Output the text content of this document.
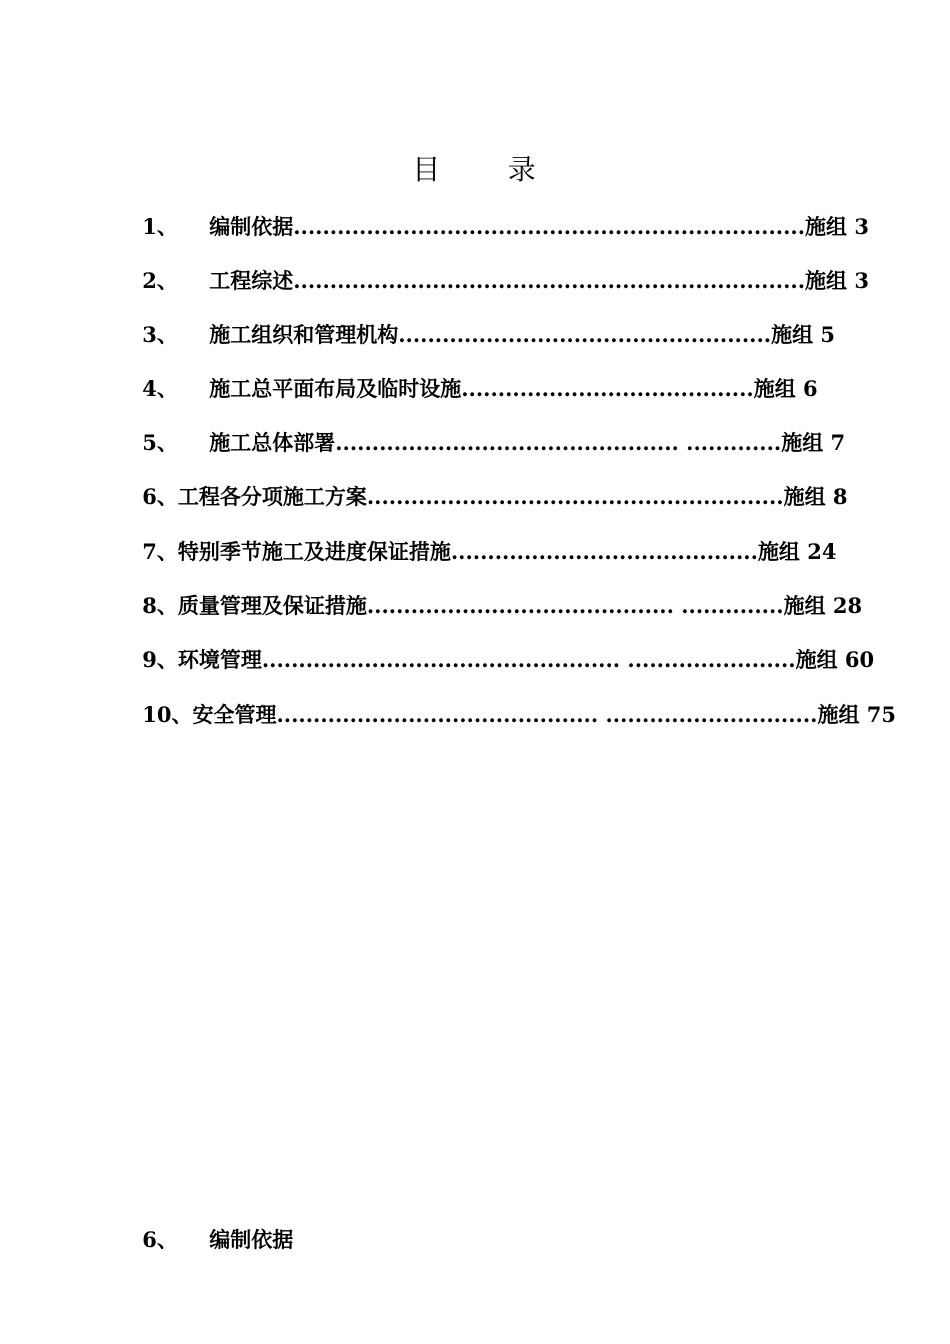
目      录

1、 编制依据......................................................................施组 3

2、 工程综述......................................................................施组 3

3、 施工组织和管理机构...................................................施组 5

4、 施工总平面布局及临时设施........................................施组 6

5、 施工总体部署............................................... .............施组 7

6、工程各分项施工方案.........................................................施组 8

7、特别季节施工及进度保证措施..........................................施组 24

8、质量管理及保证措施.......................................... ..............施组 28

9、环境管理................................................. .......................施组 60

10、安全管理............................................ .............................施组 75

6、 编制依据
